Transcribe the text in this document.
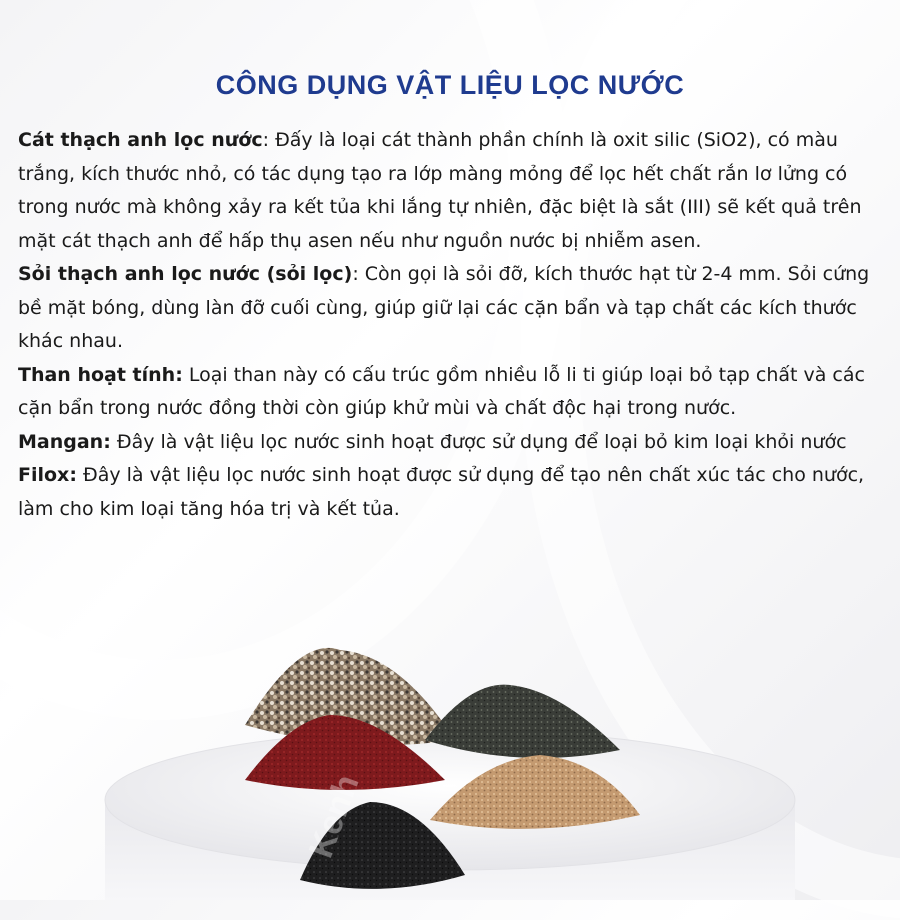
CÔNG DỤNG VẬT LIỆU LỌC NƯỚC

Cát thạch anh lọc nước: Đấy là loại cát thành phần chính là oxit silic (SiO2), có màu trắng, kích thước nhỏ, có tác dụng tạo ra lớp màng mỏng để lọc hết chất rắn lơ lửng có trong nước mà không xảy ra kết tủa khi lắng tự nhiên, đặc biệt là sắt (III) sẽ kết quả trên mặt cát thạch anh để hấp thụ asen nếu như nguồn nước bị nhiễm asen.

Sỏi thạch anh lọc nước (sỏi lọc): Còn gọi là sỏi đỡ, kích thước hạt từ 2-4 mm. Sỏi cứng bề mặt bóng, dùng làn đỡ cuối cùng, giúp giữ lại các cặn bẩn và tạp chất các kích thước khác nhau.

Than hoạt tính: Loại than này có cấu trúc gồm nhiều lỗ li ti giúp loại bỏ tạp chất và các cặn bẩn trong nước đồng thời còn giúp khử mùi và chất độc hại trong nước.

Mangan: Đây là vật liệu lọc nước sinh hoạt được sử dụng để loại bỏ kim loại khỏi nước

Filox: Đây là vật liệu lọc nước sinh hoạt được sử dụng để tạo nên chất xúc tác cho nước, làm cho kim loại tăng hóa trị và kết tủa.

Kenh
